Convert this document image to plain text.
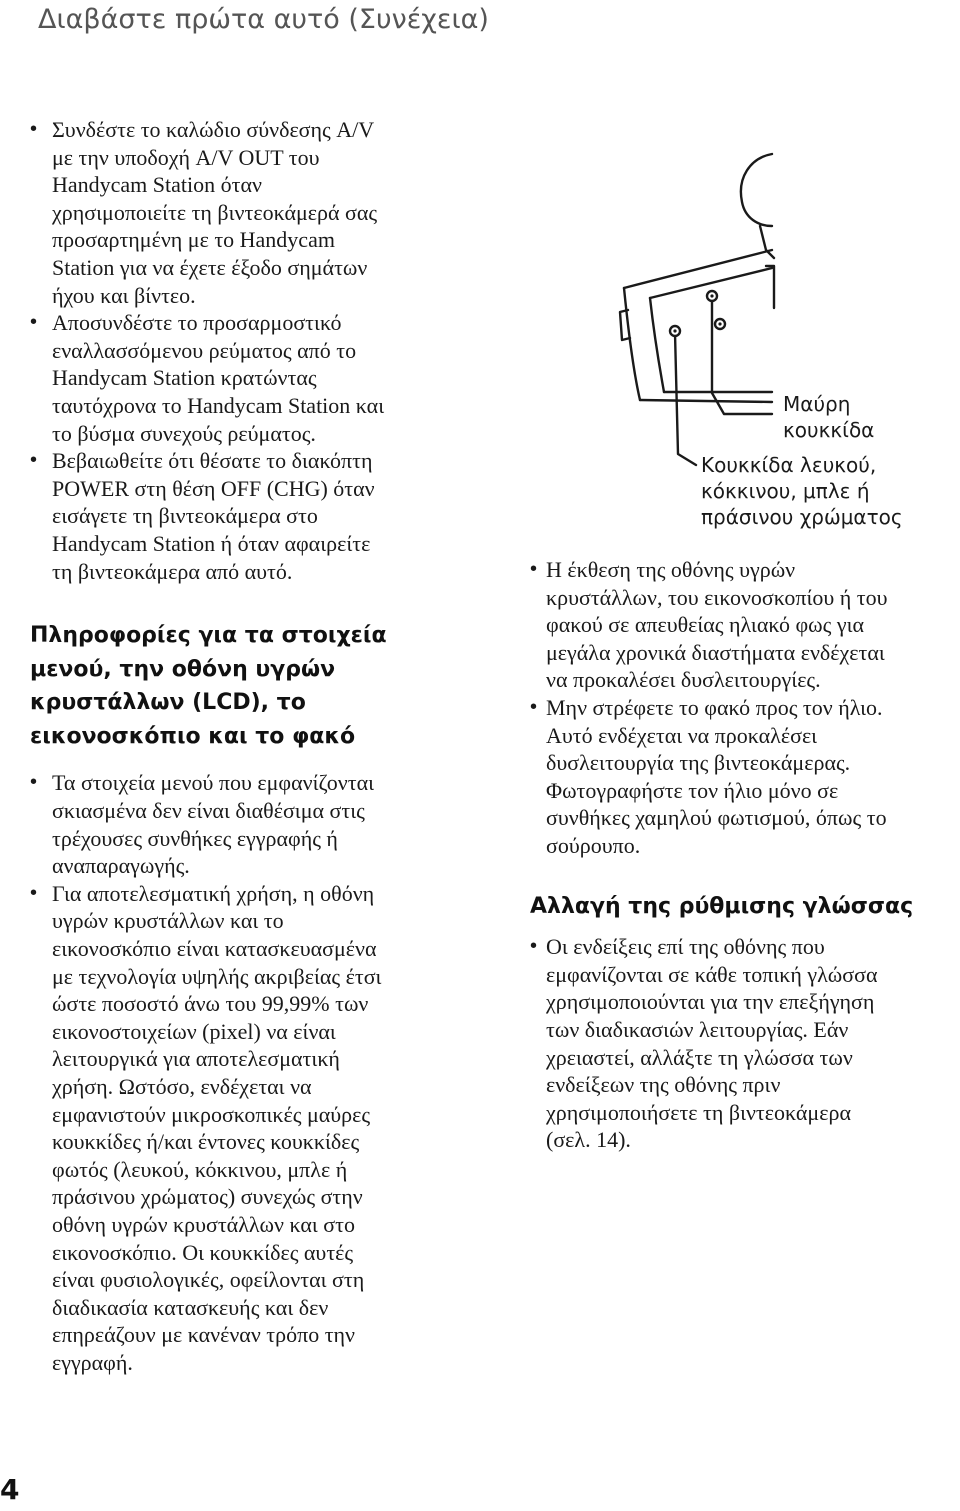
Διαβάστε πρώτα αυτό (Συνέχεια)
• Συνδέστε το καλώδιο σύνδεσης A/V
με την υποδοχή A/V OUT του
Handycam Station όταν
χρησιμοποιείτε τη βιντεοκάμερά σας
προσαρτημένη με το Handycam
Station για να έχετε έξοδο σημάτων
ήχου και βίντεο.
• Αποσυνδέστε το προσαρμοστικό
εναλλασσόμενου ρεύματος από το
Handycam Station κρατώντας
ταυτόχρονα το Handycam Station και
το βύσμα συνεχούς ρεύματος.
• Βεβαιωθείτε ότι θέσατε το διακόπτη
POWER στη θέση OFF (CHG) όταν
εισάγετε τη βιντεοκάμερα στο
Handycam Station ή όταν αφαιρείτε
τη βιντεοκάμερα από αυτό.
Πληροφορίες για τα στοιχεία
μενού, την οθόνη υγρών
κρυστάλλων (LCD), το
εικονοσκόπιο και το φακό
• Τα στοιχεία μενού που εμφανίζονται
σκιασμένα δεν είναι διαθέσιμα στις
τρέχουσες συνθήκες εγγραφής ή
αναπαραγωγής.
• Για αποτελεσματική χρήση, η οθόνη
υγρών κρυστάλλων και το
εικονοσκόπιο είναι κατασκευασμένα
με τεχνολογία υψηλής ακριβείας έτσι
ώστε ποσοστό άνω του 99,99% των
εικονοστοιχείων (pixel) να είναι
λειτουργικά για αποτελεσματική
χρήση. Ωστόσο, ενδέχεται να
εμφανιστούν μικροσκοπικές μαύρες
κουκκίδες ή/και έντονες κουκκίδες
φωτός (λευκού, κόκκινου, μπλε ή
πράσινου χρώματος) συνεχώς στην
οθόνη υγρών κρυστάλλων και στο
εικονοσκόπιο. Οι κουκκίδες αυτές
είναι φυσιολογικές, οφείλονται στη
διαδικασία κατασκευής και δεν
επηρεάζουν με κανέναν τρόπο την
εγγραφή.
Μαύρη
κουκκίδα
Κουκκίδα λευκού,
κόκκινου, μπλε ή
πράσινου χρώματος
• Η έκθεση της οθόνης υγρών
κρυστάλλων, του εικονοσκοπίου ή του
φακού σε απευθείας ηλιακό φως για
μεγάλα χρονικά διαστήματα ενδέχεται
να προκαλέσει δυσλειτουργίες.
• Μην στρέφετε το φακό προς τον ήλιο.
Αυτό ενδέχεται να προκαλέσει
δυσλειτουργία της βιντεοκάμερας.
Φωτογραφήστε τον ήλιο μόνο σε
συνθήκες χαμηλού φωτισμού, όπως το
σούρουπο.
Αλλαγή της ρύθμισης γλώσσας
• Οι ενδείξεις επί της οθόνης που
εμφανίζονται σε κάθε τοπική γλώσσα
χρησιμοποιούνται για την επεξήγηση
των διαδικασιών λειτουργίας. Εάν
χρειαστεί, αλλάξτε τη γλώσσα των
ενδείξεων της οθόνης πριν
χρησιμοποιήσετε τη βιντεοκάμερα
(σελ. 14).
4
